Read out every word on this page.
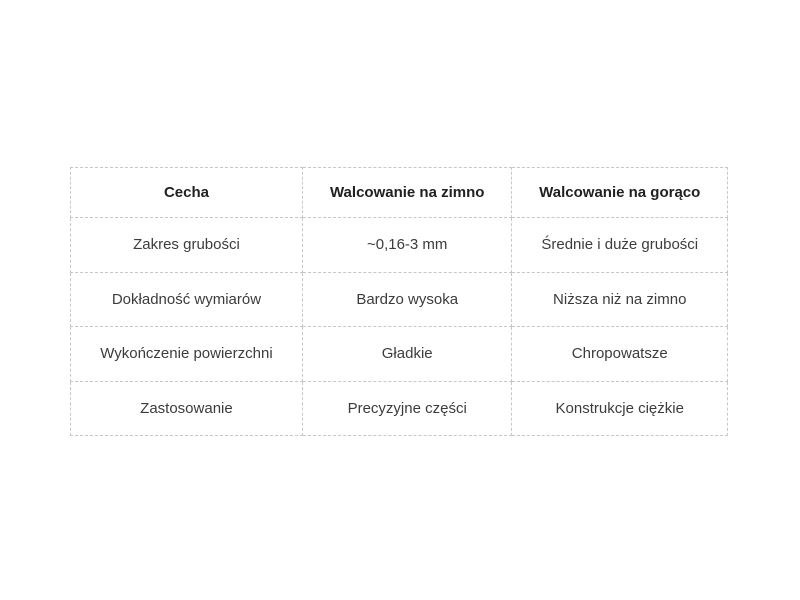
Cecha	Walcowanie na zimno	Walcowanie na gorąco
Zakres grubości	~0,16-3 mm	Średnie i duże grubości
Dokładność wymiarów	Bardzo wysoka	Niższa niż na zimno
Wykończenie powierzchni	Gładkie	Chropowatsze
Zastosowanie	Precyzyjne części	Konstrukcje ciężkie
